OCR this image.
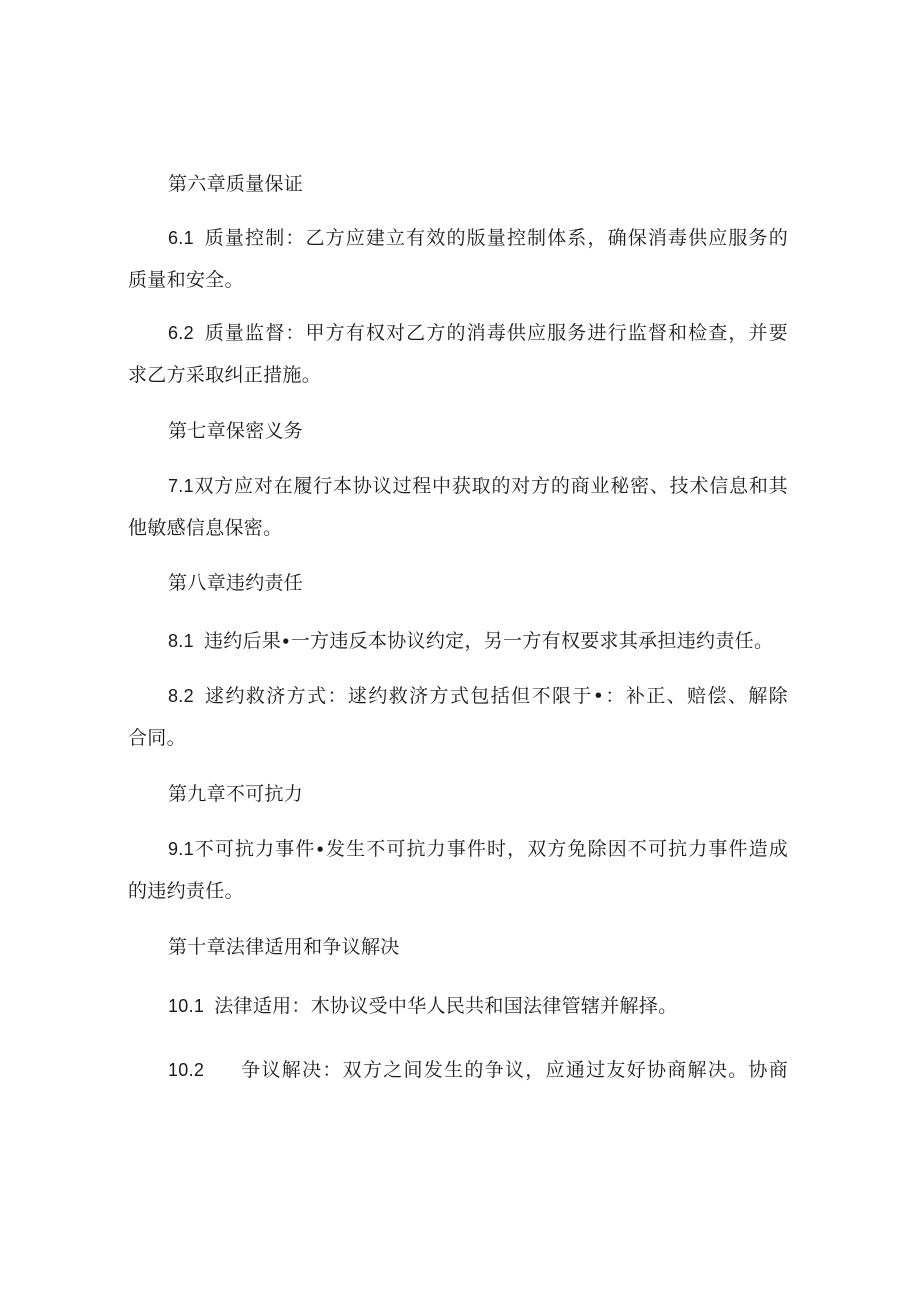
第六章质量保证
6.1 质量控制：乙方应建立有效的版量控制体系，确保消毒供应服务的
质量和安全。
6.2 质量监督：甲方有权对乙方的消毒供应服务进行监督和检查，并要
求乙方采取纠正措施。
第七章保密义务
7.1双方应对在履行本协议过程中获取的对方的商业秘密、技术信息和其
他敏感信息保密。
第八章违约责任
8.1 违约后果∙一方违反本协议约定，另一方有权要求其承担违约责任。
8.2 逑约救济方式：逑约救济方式包括但不限于•：补正、赔偿、解除
合同。
第九章不可抗力
9.1不可抗力事件∙发生不可抗力事件时，双方免除因不可抗力事件造成
的违约责任。
第十章法律适用和争议解决
10.1 法律适用：木协议受中华人民共和国法律管辖并解择。
10.2 争议解决：双方之间发生的争议，应通过友好协商解决。协商
